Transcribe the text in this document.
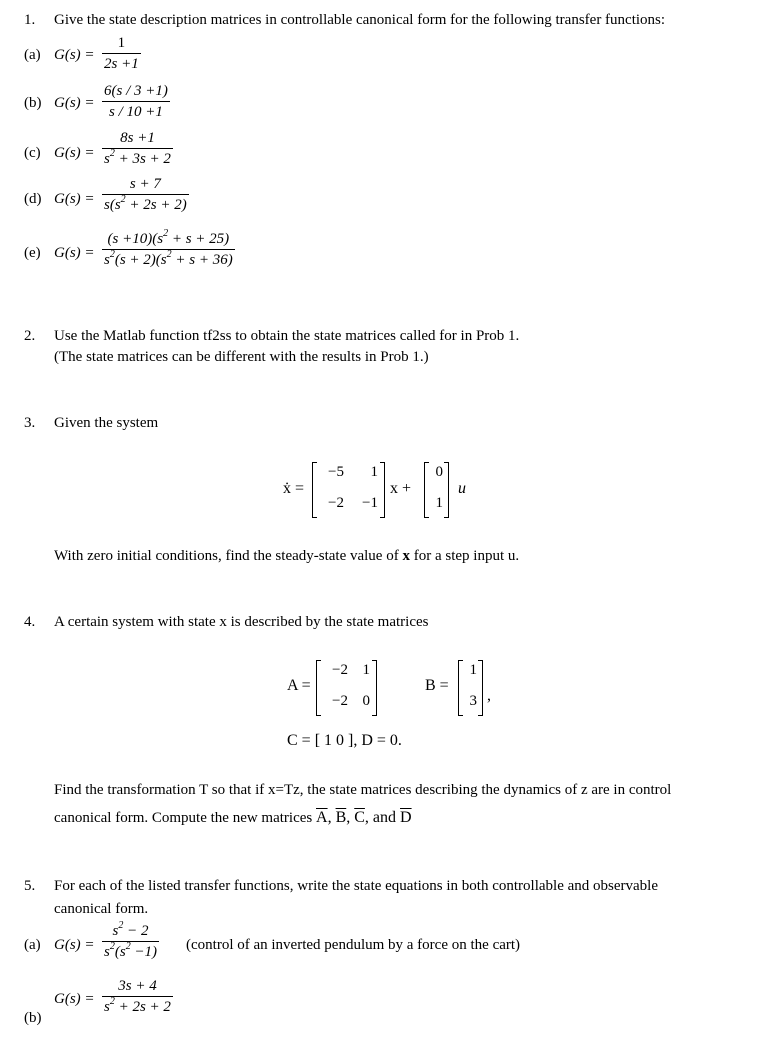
1. Give the state description matrices in controllable canonical form for the following transfer functions:
(a) G(s) =
1
2s +1
(b) G(s) =
6(s / 3 +1)
s / 10 +1
(c) G(s) =
8s +1
$s^2 + 3s + 2$
(d) G(s) =
s + 7
$s(s^2 + 2s + 2)$
(e) G(s) =
$(s +10)(s^2 + s + 25)$
$s^2(s + 2)(s^2 + s + 36)$
2. Use the Matlab function tf2ss to obtain the state matrices called for in Prob 1.
(The state matrices can be different with the results in Prob 1.)
3. Given the system
ẋ =
−5	1
−2	−1
x +
0
1
u
With zero initial conditions, find the steady-state value of x for a step input u.
4. A certain system with state x is described by the state matrices
A =
−2 1
−2 0
B =
1
3 ,
C = [ 1 0 ], D = 0.
Find the transformation T so that if x=Tz, the state matrices describing the dynamics of z are in control
canonical form. Compute the new matrices $\overline{A}$, $\overline{B}$, $\overline{C}$, and $\overline{D}$
5. For each of the listed transfer functions, write the state equations in both controllable and observable
canonical form.
(a) G(s) =
$s^2 - 2$
$s^2(s^2 -1)$ (control of an inverted pendulum by a force on the cart)
G(s) =
3s + 4
$s^2 + 2s + 2$
(b)
